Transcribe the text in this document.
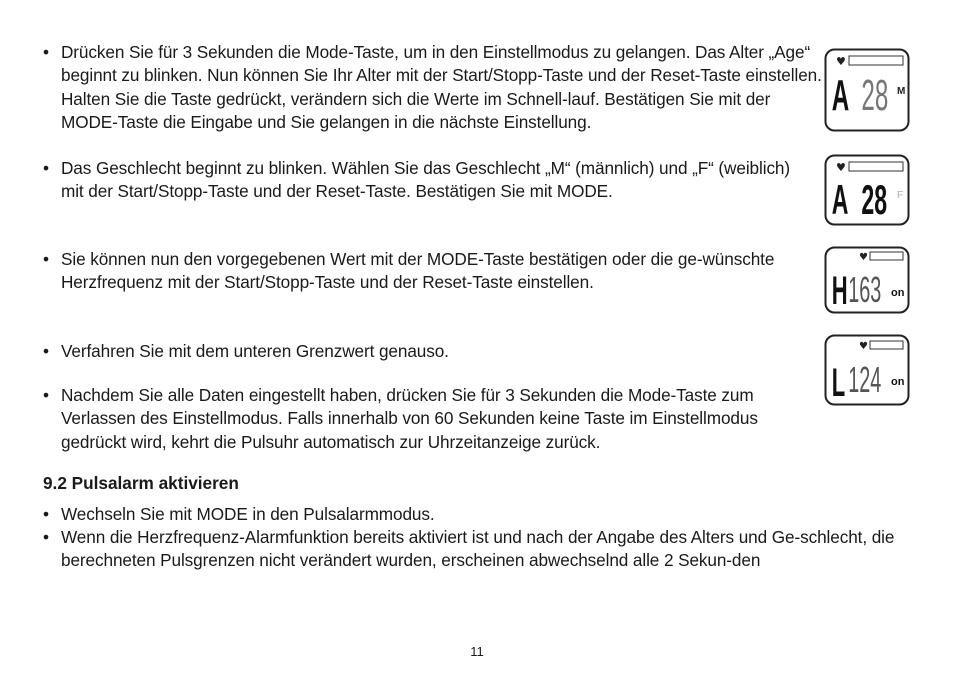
• Drücken Sie für 3 Sekunden die Mode-Taste, um in den Einstellmodus zu gelangen. Das Alter „Age“ beginnt zu blinken. Nun können Sie Ihr Alter mit der Start/Stopp-Taste und der Reset-Taste einstellen. Halten Sie die Taste gedrückt, verändern sich die Werte im Schnell-lauf. Bestätigen Sie mit der MODE-Taste die Eingabe und Sie gelangen in die nächste Einstellung.
• Das Geschlecht beginnt zu blinken. Wählen Sie das Geschlecht „M“ (männlich) und „F“ (weiblich) mit der Start/Stopp-Taste und der Reset-Taste. Bestätigen Sie mit MODE.
• Sie können nun den vorgegebenen Wert mit der MODE-Taste bestätigen oder die ge-wünschte Herzfrequenz mit der Start/Stopp-Taste und der Reset-Taste einstellen.
• Verfahren Sie mit dem unteren Grenzwert genauso.
• Nachdem Sie alle Daten eingestellt haben, drücken Sie für 3 Sekunden die Mode-Taste zum Verlassen des Einstellmodus. Falls innerhalb von 60 Sekunden keine Taste im Einstellmodus gedrückt wird, kehrt die Pulsuhr automatisch zur Uhrzeitanzeige zurück.
9.2 Pulsalarm aktivieren
• Wechseln Sie mit MODE in den Pulsalarmmodus.
• Wenn die Herzfrequenz-Alarmfunktion bereits aktiviert ist und nach der Angabe des Alters und Ge-schlecht, die berechneten Pulsgrenzen nicht verändert wurden, erscheinen abwechselnd alle 2 Sekun-den
♥
A 28 M
♥
A 28 F
♥
H 163 on
♥
L 124 on
11
